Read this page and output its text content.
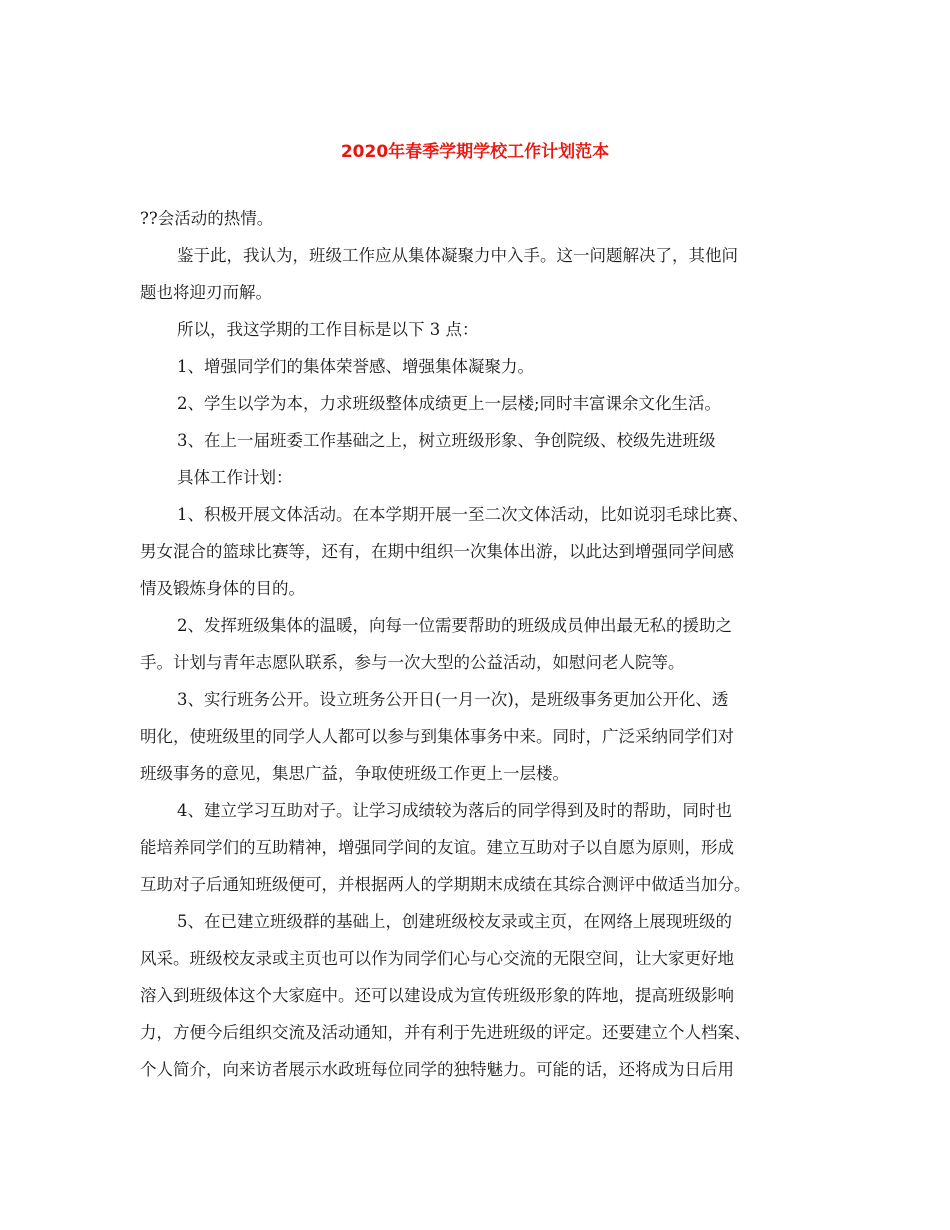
2020年春季学期学校工作计划范本
??会活动的热情。
鉴于此，我认为，班级工作应从集体凝聚力中入手。这一问题解决了，其他问
题也将迎刃而解。
所以，我这学期的工作目标是以下 3 点：
1、增强同学们的集体荣誉感、增强集体凝聚力。
2、学生以学为本，力求班级整体成绩更上一层楼;同时丰富课余文化生活。
3、在上一届班委工作基础之上，树立班级形象、争创院级、校级先进班级
具体工作计划：
1、积极开展文体活动。在本学期开展一至二次文体活动，比如说羽毛球比赛、
男女混合的篮球比赛等，还有，在期中组织一次集体出游，以此达到增强同学间感
情及锻炼身体的目的。
2、发挥班级集体的温暖，向每一位需要帮助的班级成员伸出最无私的援助之
手。计划与青年志愿队联系，参与一次大型的公益活动，如慰问老人院等。
3、实行班务公开。设立班务公开日(一月一次)，是班级事务更加公开化、透
明化，使班级里的同学人人都可以参与到集体事务中来。同时，广泛采纳同学们对
班级事务的意见，集思广益，争取使班级工作更上一层楼。
4、建立学习互助对子。让学习成绩较为落后的同学得到及时的帮助，同时也
能培养同学们的互助精神，增强同学间的友谊。建立互助对子以自愿为原则，形成
互助对子后通知班级便可，并根据两人的学期期末成绩在其综合测评中做适当加分。
5、在已建立班级群的基础上，创建班级校友录或主页，在网络上展现班级的
风采。班级校友录或主页也可以作为同学们心与心交流的无限空间，让大家更好地
溶入到班级体这个大家庭中。还可以建设成为宣传班级形象的阵地，提高班级影响
力，方便今后组织交流及活动通知，并有利于先进班级的评定。还要建立个人档案、
个人简介，向来访者展示水政班每位同学的独特魅力。可能的话，还将成为日后用
